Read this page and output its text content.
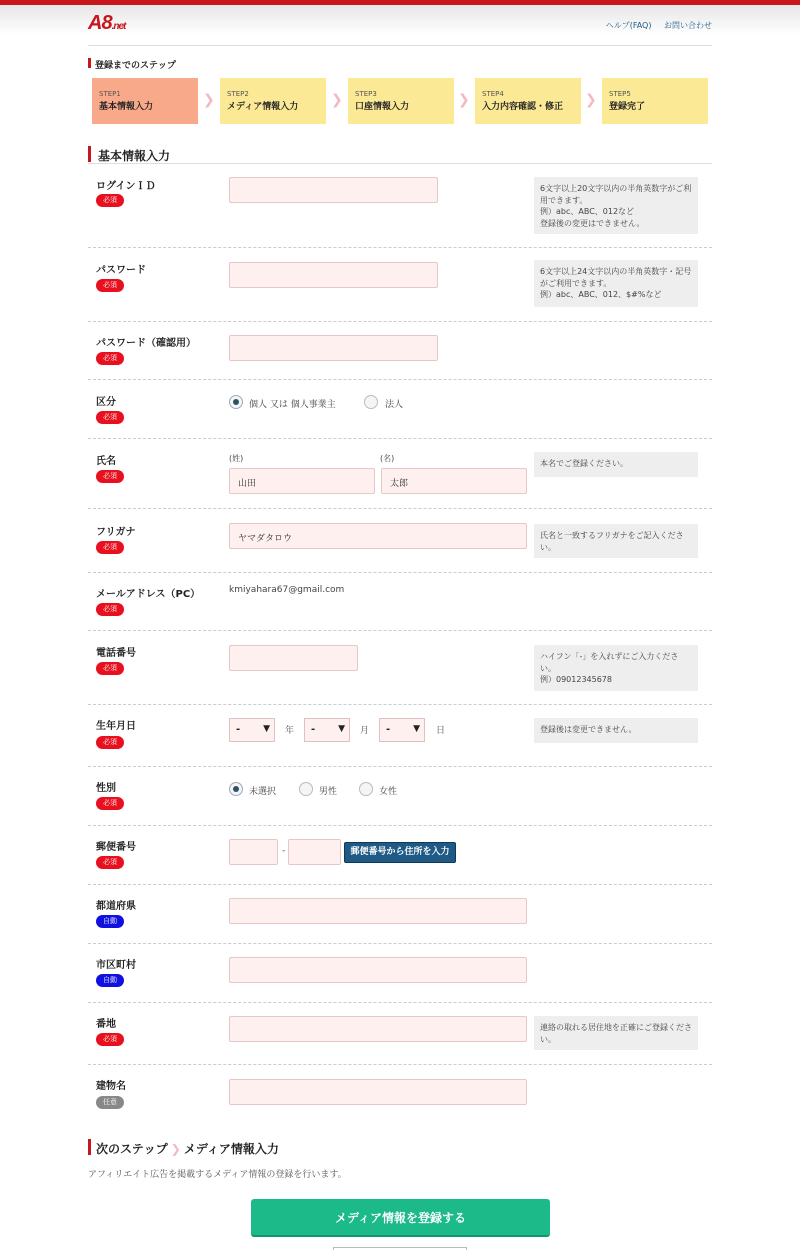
A8.net	ヘルプ(FAQ) お問い合わせ
登録までのステップ
STEP1
基本情報入力	❯ STEP2
メディア情報入力	❯ STEP3
口座情報入力	❯ STEP4
入力内容確認・修正	❯ STEP5
登録完了
基本情報入力
ログインＩＤ
必須
6文字以上20文字以内の半角英数字がご利用できます。
例）abc、ABC、012など
登録後の変更はできません。
パスワード
必須
6文字以上24文字以内の半角英数字・記号がご利用できます。
例）abc、ABC、012、$#%など
パスワード（確認用）
必須
区分
必須
個人 又は 個人事業主	法人
氏名
必須
(姓)	(名)
山田	太郎
本名でご登録ください。
フリガナ
必須
ヤマダタロウ	氏名と一致するフリガナをご記入ください。
メールアドレス（PC）
必須
kmiyahara67@gmail.com
電話番号
必須
ハイフン「-」を入れずにご入力ください。
例）09012345678
生年月日
必須
-	▼ 年	-	▼ 月	-	▼ 日	登録後は変更できません。
性別
必須
未選択	男性	女性
郵便番号
必須
-	郵便番号から住所を入力
都道府県
自動
市区町村
自動
番地
必須
連絡の取れる居住地を正確にご登録ください。
建物名
任意
次のステップ ❯ メディア情報入力
アフィリエイト広告を掲載するメディア情報の登録を行います。
メディア情報を登録する
